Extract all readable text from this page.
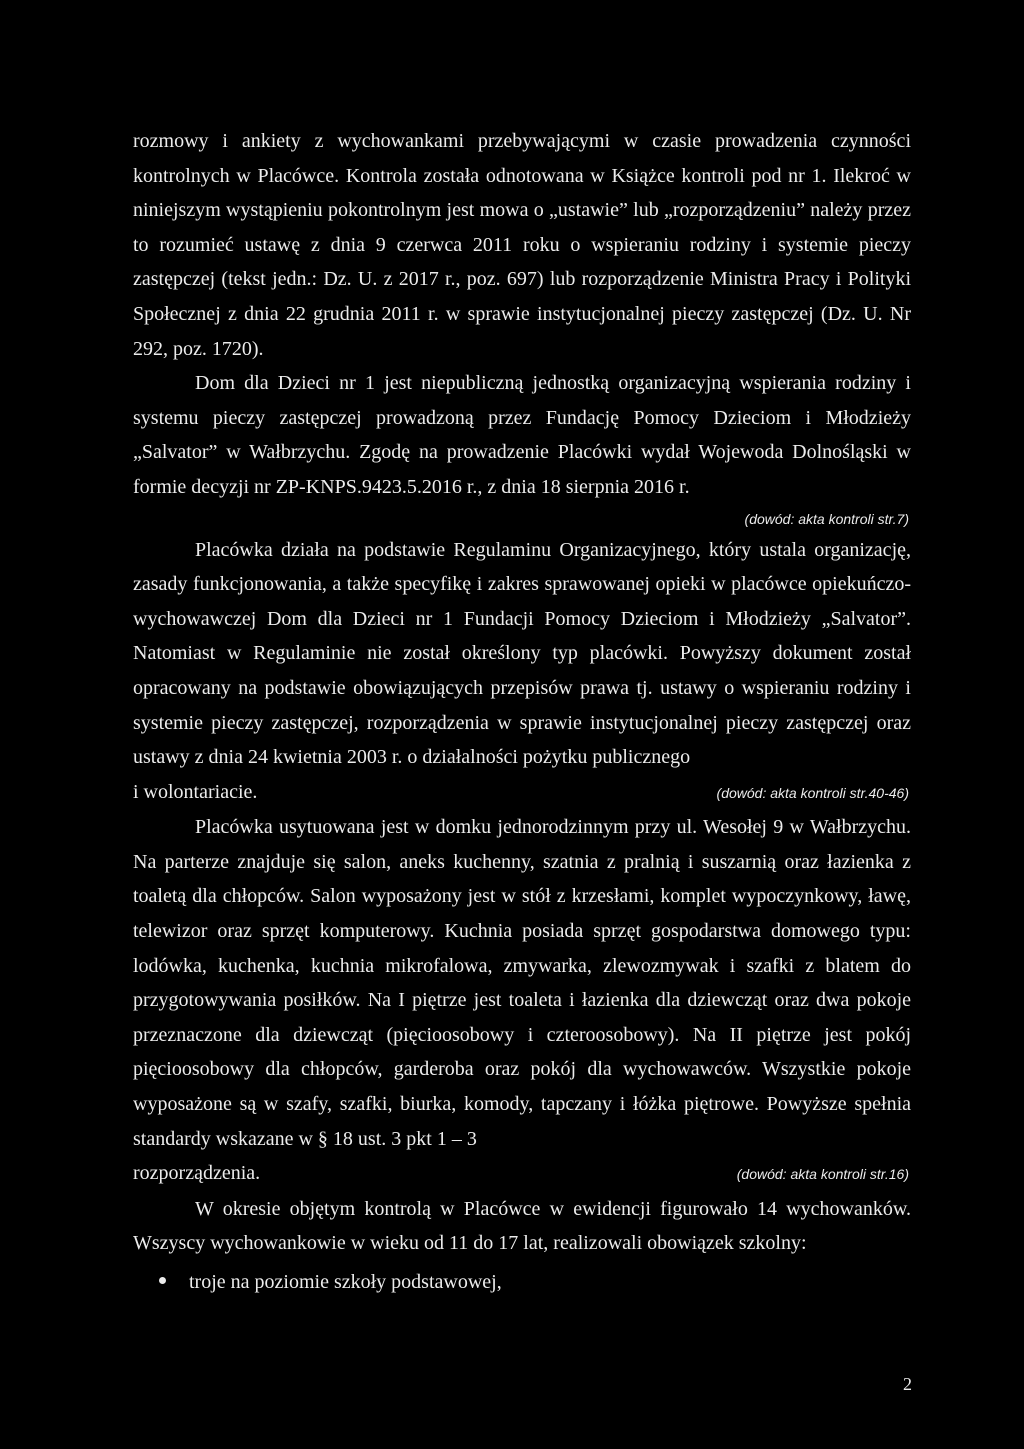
rozmowy i ankiety z wychowankami przebywającymi w czasie prowadzenia czynności kontrolnych w Placówce. Kontrola została odnotowana w Książce kontroli pod nr 1. Ilekroć w niniejszym wystąpieniu pokontrolnym jest mowa o „ustawie” lub „rozporządzeniu” należy przez to rozumieć ustawę z dnia 9 czerwca 2011 roku o wspieraniu rodziny i systemie pieczy zastępczej (tekst jedn.: Dz. U. z 2017 r., poz. 697) lub rozporządzenie Ministra Pracy i Polityki Społecznej z dnia 22 grudnia 2011 r. w sprawie instytucjonalnej pieczy zastępczej (Dz. U. Nr 292, poz. 1720).

Dom dla Dzieci nr 1 jest niepubliczną jednostką organizacyjną wspierania rodziny i systemu pieczy zastępczej prowadzoną przez Fundację Pomocy Dzieciom i Młodzieży „Salvator” w Wałbrzychu. Zgodę na prowadzenie Placówki wydał Wojewoda Dolnośląski w formie decyzji nr ZP-KNPS.9423.5.2016 r., z dnia 18 sierpnia 2016 r.

(dowód: akta kontroli str.7)

Placówka działa na podstawie Regulaminu Organizacyjnego, który ustala organizację, zasady funkcjonowania, a także specyfikę i zakres sprawowanej opieki w placówce opiekuńczo-wychowawczej Dom dla Dzieci nr 1 Fundacji Pomocy Dzieciom i Młodzieży „Salvator”. Natomiast w Regulaminie nie został określony typ placówki. Powyższy dokument został opracowany na podstawie obowiązujących przepisów prawa tj. ustawy o wspieraniu rodziny i systemie pieczy zastępczej, rozporządzenia w sprawie instytucjonalnej pieczy zastępczej oraz ustawy z dnia 24 kwietnia 2003 r. o działalności pożytku publicznego

i wolontariacie.	(dowód: akta kontroli str.40-46)

Placówka usytuowana jest w domku jednorodzinnym przy ul. Wesołej 9 w Wałbrzychu. Na parterze znajduje się salon, aneks kuchenny, szatnia z pralnią i suszarnią oraz łazienka z toaletą dla chłopców. Salon wyposażony jest w stół z krzesłami, komplet wypoczynkowy, ławę, telewizor oraz sprzęt komputerowy. Kuchnia posiada sprzęt gospodarstwa domowego typu: lodówka, kuchenka, kuchnia mikrofalowa, zmywarka, zlewozmywak i szafki z blatem do przygotowywania posiłków. Na I piętrze jest toaleta i łazienka dla dziewcząt oraz dwa pokoje przeznaczone dla dziewcząt (pięcioosobowy i czteroosobowy). Na II piętrze jest pokój pięcioosobowy dla chłopców, garderoba oraz pokój dla wychowawców. Wszystkie pokoje wyposażone są w szafy, szafki, biurka, komody, tapczany i łóżka piętrowe. Powyższe spełnia standardy wskazane w § 18 ust. 3 pkt 1 – 3

rozporządzenia.	(dowód: akta kontroli str.16)

W okresie objętym kontrolą w Placówce w ewidencji figurowało 14 wychowanków. Wszyscy wychowankowie w wieku od 11 do 17 lat, realizowali obowiązek szkolny:

troje na poziomie szkoły podstawowej,
2
